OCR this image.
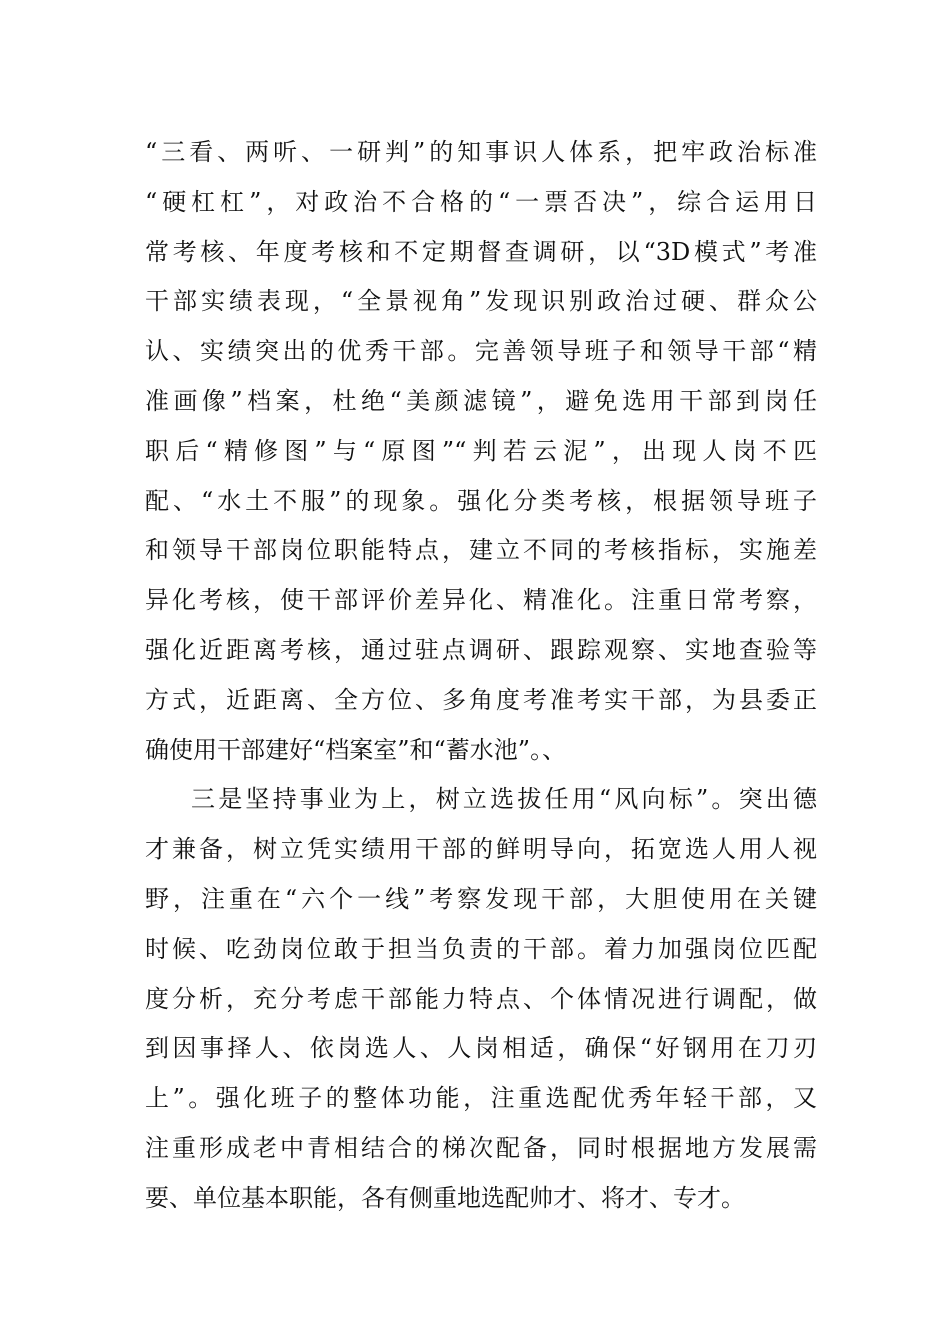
“三看、两听、一研判”的知事识人体系，把牢政治标准
“硬杠杠”，对政治不合格的“一票否决”，综合运用日
常考核、年度考核和不定期督查调研，以“3D模式”考准
干部实绩表现，“全景视角”发现识别政治过硬、群众公
认、实绩突出的优秀干部。完善领导班子和领导干部“精
准画像”档案，杜绝“美颜滤镜”，避免选用干部到岗任
职后“精修图”与“原图”“判若云泥”，出现人岗不匹
配、“水土不服”的现象。强化分类考核，根据领导班子
和领导干部岗位职能特点，建立不同的考核指标，实施差
异化考核，使干部评价差异化、精准化。注重日常考察，
强化近距离考核，通过驻点调研、跟踪观察、实地查验等
方式，近距离、全方位、多角度考准考实干部，为县委正
确使用干部建好“档案室”和“蓄水池”。、
三是坚持事业为上，树立选拔任用“风向标”。突出德
才兼备，树立凭实绩用干部的鲜明导向，拓宽选人用人视
野，注重在“六个一线”考察发现干部，大胆使用在关键
时候、吃劲岗位敢于担当负责的干部。着力加强岗位匹配
度分析，充分考虑干部能力特点、个体情况进行调配，做
到因事择人、依岗选人、人岗相适，确保“好钢用在刀刃
上”。强化班子的整体功能，注重选配优秀年轻干部，又
注重形成老中青相结合的梯次配备，同时根据地方发展需
要、单位基本职能，各有侧重地选配帅才、将才、专才。
